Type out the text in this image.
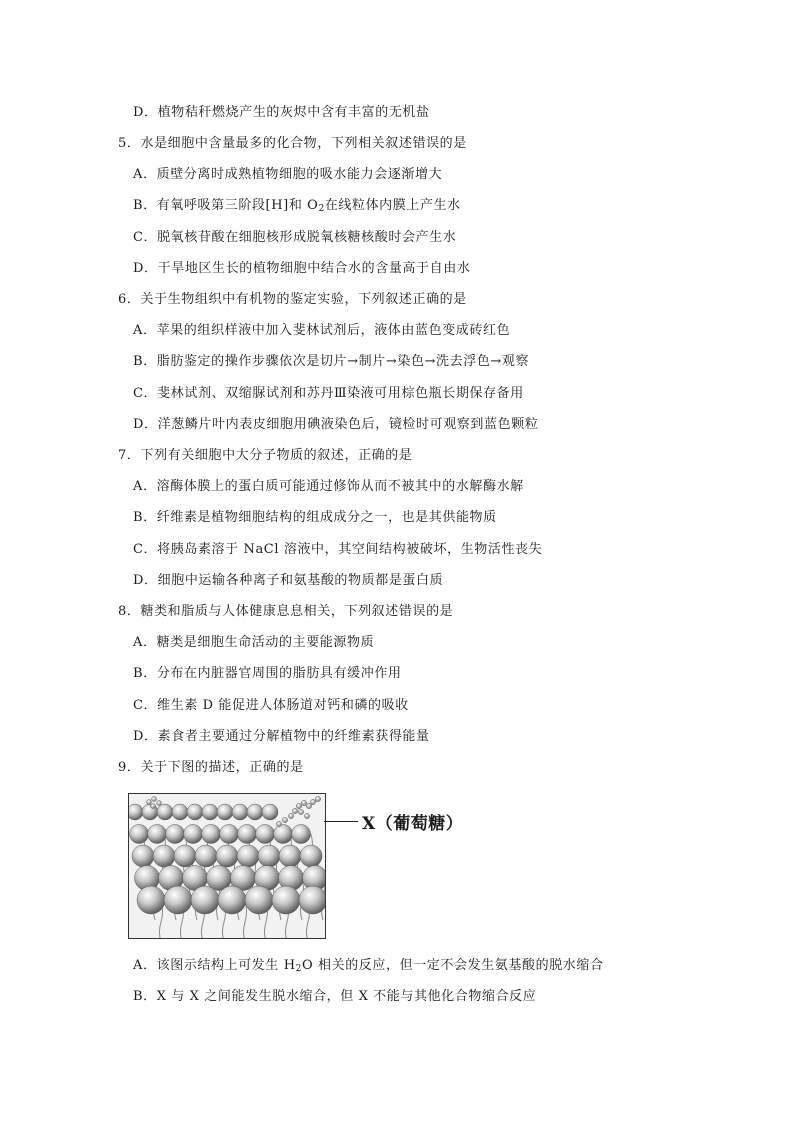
D．植物秸秆燃烧产生的灰烬中含有丰富的无机盐
5．水是细胞中含量最多的化合物，下列相关叙述错误的是
A．质壁分离时成熟植物细胞的吸水能力会逐渐增大
B．有氧呼吸第三阶段[H]和 $O_2$在线粒体内膜上产生水
C．脱氧核苷酸在细胞核形成脱氧核糖核酸时会产生水
D．干旱地区生长的植物细胞中结合水的含量高于自由水
6．关于生物组织中有机物的鉴定实验，下列叙述正确的是
A．苹果的组织样液中加入斐林试剂后，液体由蓝色变成砖红色
B．脂肪鉴定的操作步骤依次是切片→制片→染色→洗去浮色→观察
C．斐林试剂、双缩脲试剂和苏丹Ⅲ染液可用棕色瓶长期保存备用
D．洋葱鳞片叶内表皮细胞用碘液染色后，镜检时可观察到蓝色颗粒
7．下列有关细胞中大分子物质的叙述，正确的是
A．溶酶体膜上的蛋白质可能通过修饰从而不被其中的水解酶水解
B．纤维素是植物细胞结构的组成成分之一，也是其供能物质
C．将胰岛素溶于 NaCl 溶液中，其空间结构被破坏，生物活性丧失
D．细胞中运输各种离子和氨基酸的物质都是蛋白质
8．糖类和脂质与人体健康息息相关，下列叙述错误的是
A．糖类是细胞生命活动的主要能源物质
B．分布在内脏器官周围的脂肪具有缓冲作用
C．维生素 D 能促进人体肠道对钙和磷的吸收
D．素食者主要通过分解植物中的纤维素获得能量
9．关于下图的描述，正确的是
X（葡萄糖）
A．该图示结构上可发生 $H_2O$ 相关的反应，但一定不会发生氨基酸的脱水缩合
B．X 与 X 之间能发生脱水缩合，但 X 不能与其他化合物缩合反应
